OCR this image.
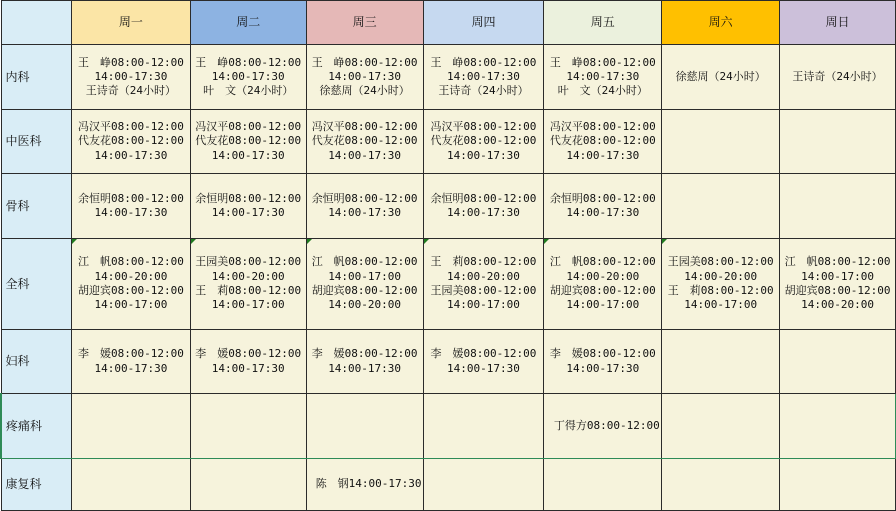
	周一	周二	周三	周四	周五	周六	周日
内科	王　峥08:00-12:00
14:00-17:30
王诗奇（24小时）	王　峥08:00-12:00
14:00-17:30
叶　文（24小时）	王　峥08:00-12:00
14:00-17:30
徐慈周（24小时）	王　峥08:00-12:00
14:00-17:30
王诗奇（24小时）	王　峥08:00-12:00
14:00-17:30
叶　文（24小时）	徐慈周（24小时）	王诗奇（24小时）

中医科	冯汉平08:00-12:00
代友花08:00-12:00
14:00-17:30	冯汉平08:00-12:00
代友花08:00-12:00
14:00-17:30	冯汉平08:00-12:00
代友花08:00-12:00
14:00-17:30	冯汉平08:00-12:00
代友花08:00-12:00
14:00-17:30	冯汉平08:00-12:00
代友花08:00-12:00
14:00-17:30		

骨科	余恒明08:00-12:00
14:00-17:30	余恒明08:00-12:00
14:00-17:30	余恒明08:00-12:00
14:00-17:30	余恒明08:00-12:00
14:00-17:30	余恒明08:00-12:00
14:00-17:30		

全科	江　帆08:00-12:00
14:00-20:00
胡迎宾08:00-12:00
14:00-17:00	王园美08:00-12:00
14:00-20:00
王　莉08:00-12:00
14:00-17:00	江　帆08:00-12:00
14:00-17:00
胡迎宾08:00-12:00
14:00-20:00	王　莉08:00-12:00
14:00-20:00
王园美08:00-12:00
14:00-17:00	江　帆08:00-12:00
14:00-20:00
胡迎宾08:00-12:00
14:00-17:00	王园美08:00-12:00
14:00-20:00
王　莉08:00-12:00
14:00-17:00	江　帆08:00-12:00
14:00-17:00
胡迎宾08:00-12:00
14:00-20:00

妇科	李　媛08:00-12:00
14:00-17:30	李　媛08:00-12:00
14:00-17:30	李　媛08:00-12:00
14:00-17:30	李　媛08:00-12:00
14:00-17:30	李　媛08:00-12:00
14:00-17:30		

疼痛科					丁得方08:00-12:00		

康复科			陈　钢14:00-17:30				
